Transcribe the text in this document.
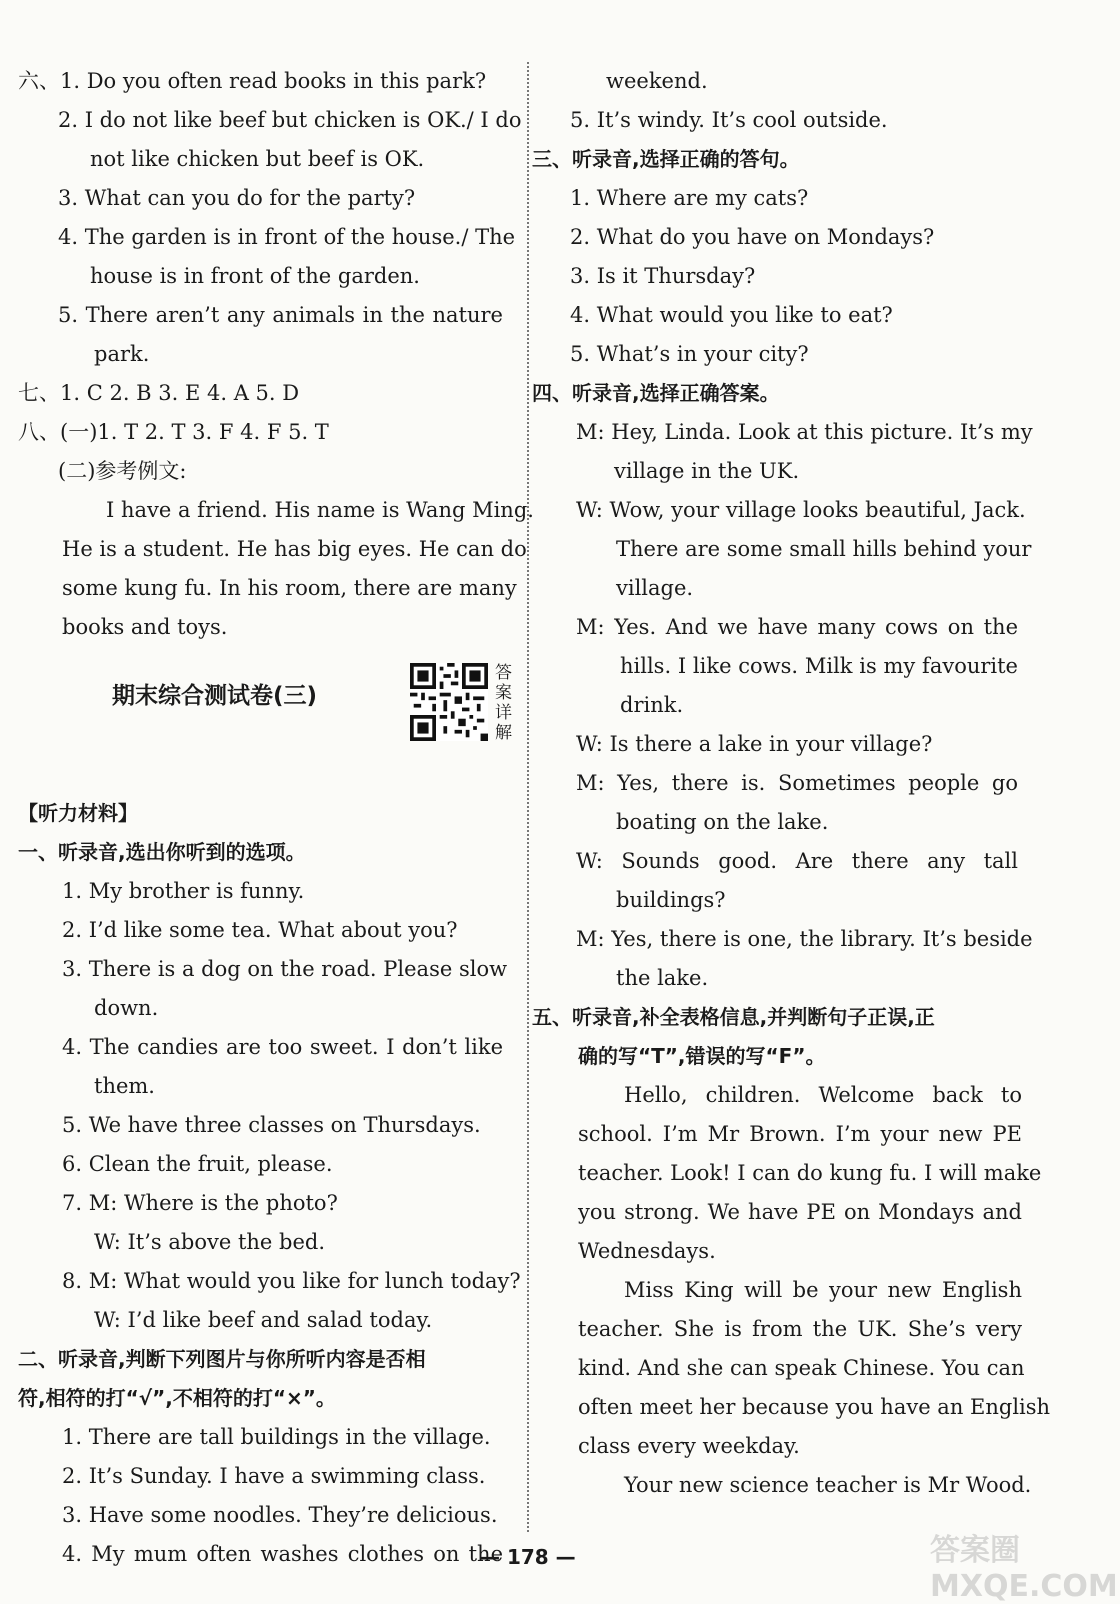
六、1. Do you often read books in this park?
2. I do not like beef but chicken is OK./ I do
not like chicken but beef is OK.
3. What can you do for the party?
4. The garden is in front of the house./ The
house is in front of the garden.
5. There aren’t any animals in the nature
park.
七、1. C 2. B 3. E 4. A 5. D
八、(一)1. T 2. T 3. F 4. F 5. T
(二)参考例文:
I have a friend. His name is Wang Ming.
He is a student. He has big eyes. He can do
some kung fu. In his room, there are many
books and toys.
【听力材料】
一、听录音,选出你听到的选项。
1. My brother is funny.
2. I’d like some tea. What about you?
3. There is a dog on the road. Please slow
down.
4. The candies are too sweet. I don’t like
them.
5. We have three classes on Thursdays.
6. Clean the fruit, please.
7. M: Where is the photo?
W: It’s above the bed.
8. M: What would you like for lunch today?
W: I’d like beef and salad today.
二、听录音,判断下列图片与你所听内容是否相
符,相符的打“√”,不相符的打“×”。
1. There are tall buildings in the village.
2. It’s Sunday. I have a swimming class.
3. Have some noodles. They’re delicious.
4. My mum often washes clothes on the
期末综合测试卷(三)
答案详解
weekend.
5. It’s windy. It’s cool outside.
三、听录音,选择正确的答句。
1. Where are my cats?
2. What do you have on Mondays?
3. Is it Thursday?
4. What would you like to eat?
5. What’s in your city?
四、听录音,选择正确答案。
M: Hey, Linda. Look at this picture. It’s my
village in the UK.
W: Wow, your village looks beautiful, Jack.
There are some small hills behind your
village.
M: Yes. And we have many cows on the
hills. I like cows. Milk is my favourite
drink.
W: Is there a lake in your village?
M: Yes, there is. Sometimes people go
boating on the lake.
W: Sounds good. Are there any tall
buildings?
M: Yes, there is one, the library. It’s beside
the lake.
五、听录音,补全表格信息,并判断句子正误,正
确的写“T”,错误的写“F”。
Hello, children. Welcome back to
school. I’m Mr Brown. I’m your new PE
teacher. Look! I can do kung fu. I will make
you strong. We have PE on Mondays and
Wednesdays.
Miss King will be your new English
teacher. She is from the UK. She’s very
kind. And she can speak Chinese. You can
often meet her because you have an English
class every weekday.
Your new science teacher is Mr Wood.
— 178 —	答案圈 MXQE.COM
